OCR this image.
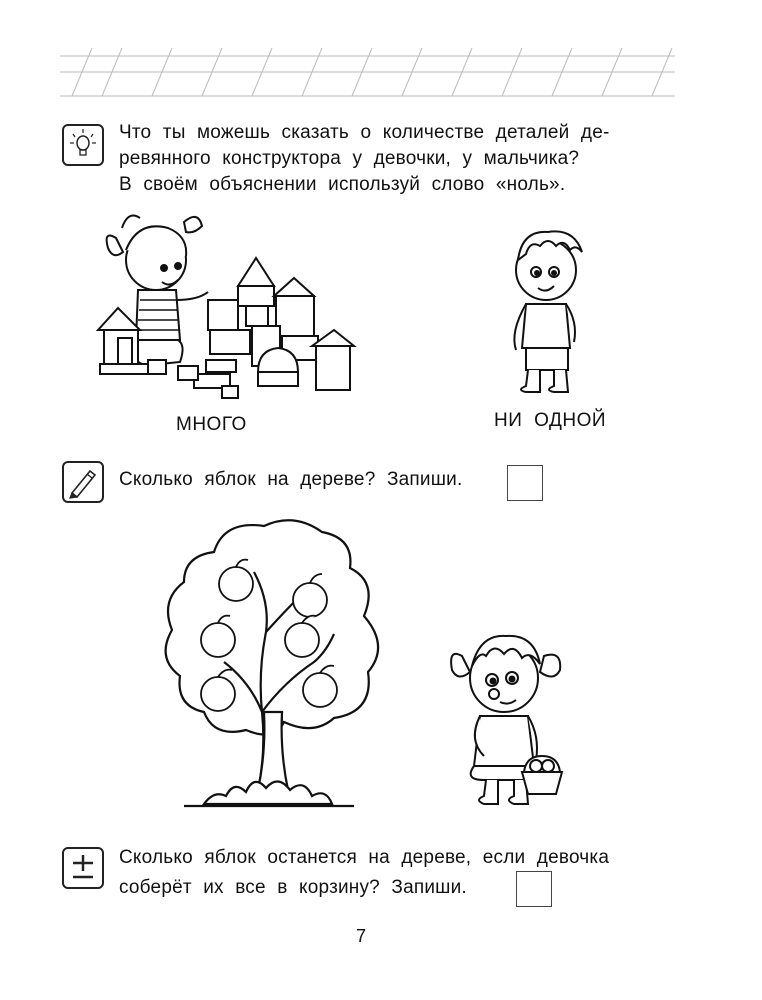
Что ты можешь сказать о количестве деталей де-
ревянного конструктора у девочки, у мальчика?
В своём объяснении используй слово «ноль».
МНОГО	НИ ОДНОЙ
Сколько яблок на дереве? Запиши.
Сколько яблок останется на дереве, если девочка
соберёт их все в корзину? Запиши.
7
